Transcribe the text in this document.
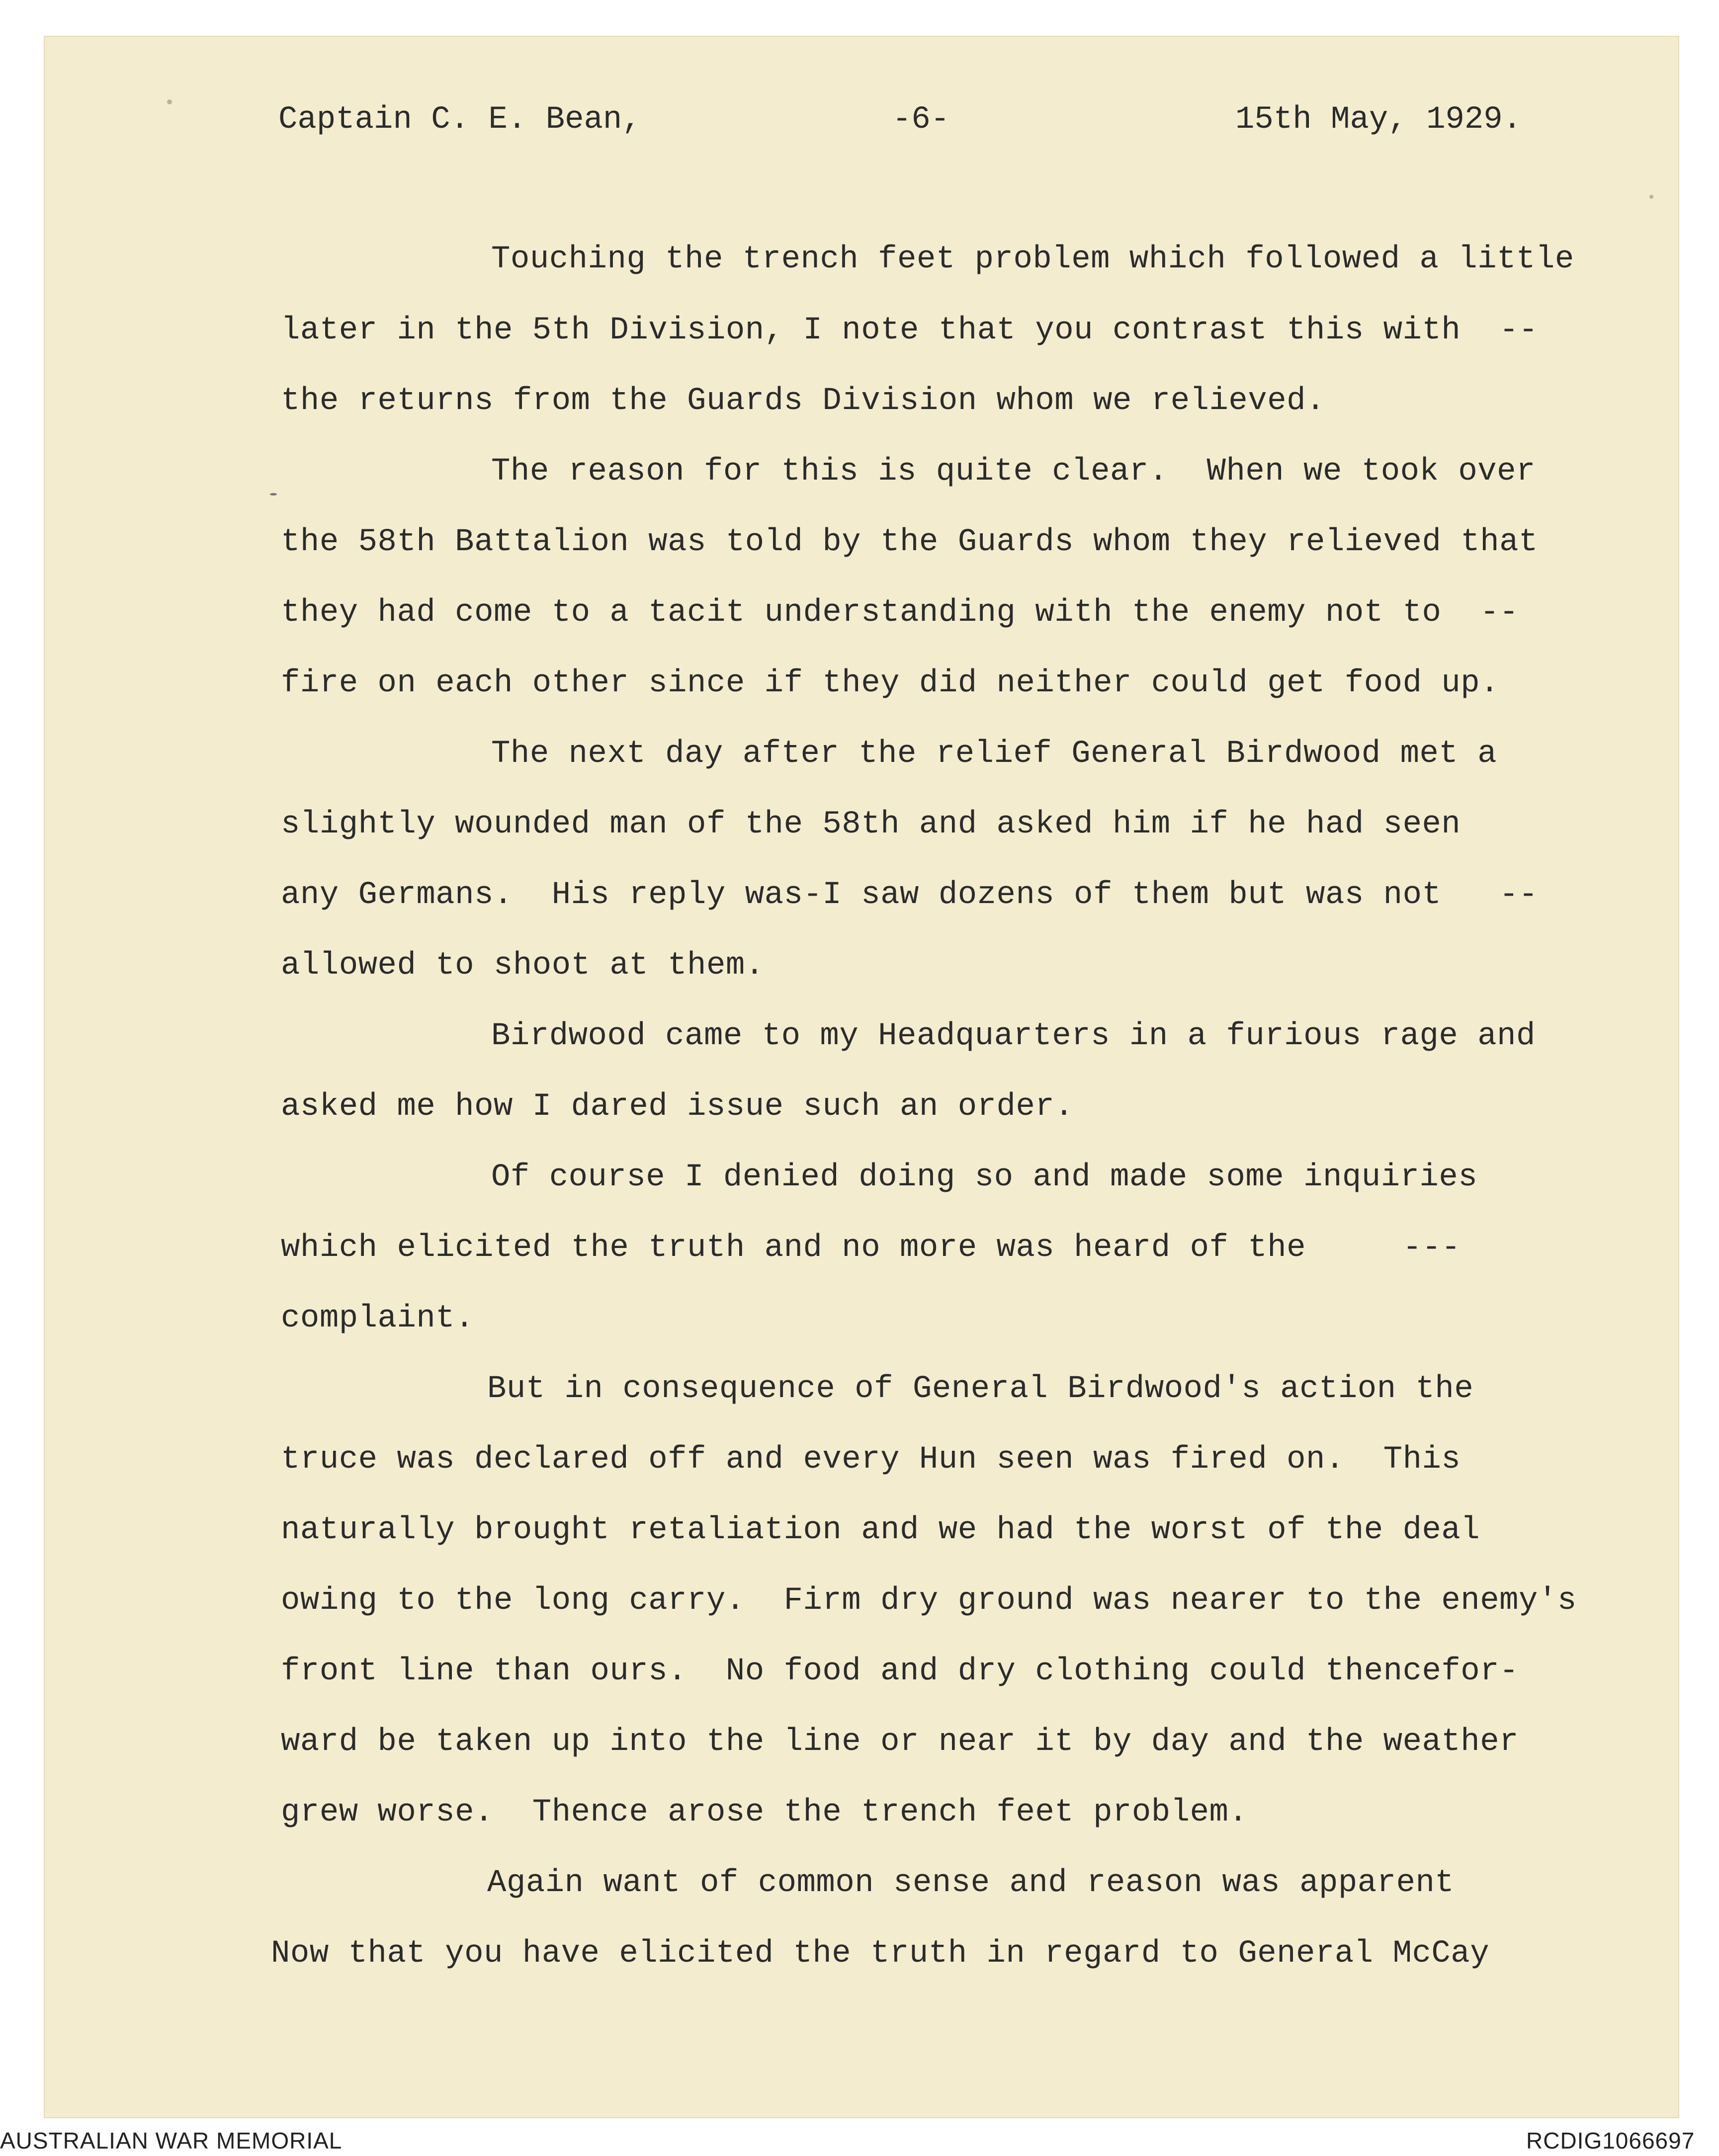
Captain C. E. Bean,	-6-	15th May, 1929.
Touching the trench feet problem which followed a little
later in the 5th Division, I note that you contrast this with  --
the returns from the Guards Division whom we relieved.
The reason for this is quite clear.  When we took over
the 58th Battalion was told by the Guards whom they relieved that
they had come to a tacit understanding with the enemy not to  --
fire on each other since if they did neither could get food up.
The next day after the relief General Birdwood met a
slightly wounded man of the 58th and asked him if he had seen
any Germans.  His reply was-I saw dozens of them but was not   --
allowed to shoot at them.
Birdwood came to my Headquarters in a furious rage and
asked me how I dared issue such an order.
Of course I denied doing so and made some inquiries
which elicited the truth and no more was heard of the     ---
complaint.
But in consequence of General Birdwood's action the
truce was declared off and every Hun seen was fired on.  This
naturally brought retaliation and we had the worst of the deal
owing to the long carry.  Firm dry ground was nearer to the enemy's
front line than ours.  No food and dry clothing could thencefor-
ward be taken up into the line or near it by day and the weather
grew worse.  Thence arose the trench feet problem.
Again want of common sense and reason was apparent
Now that you have elicited the truth in regard to General McCay
AUSTRALIAN WAR MEMORIAL	RCDIG1066697
